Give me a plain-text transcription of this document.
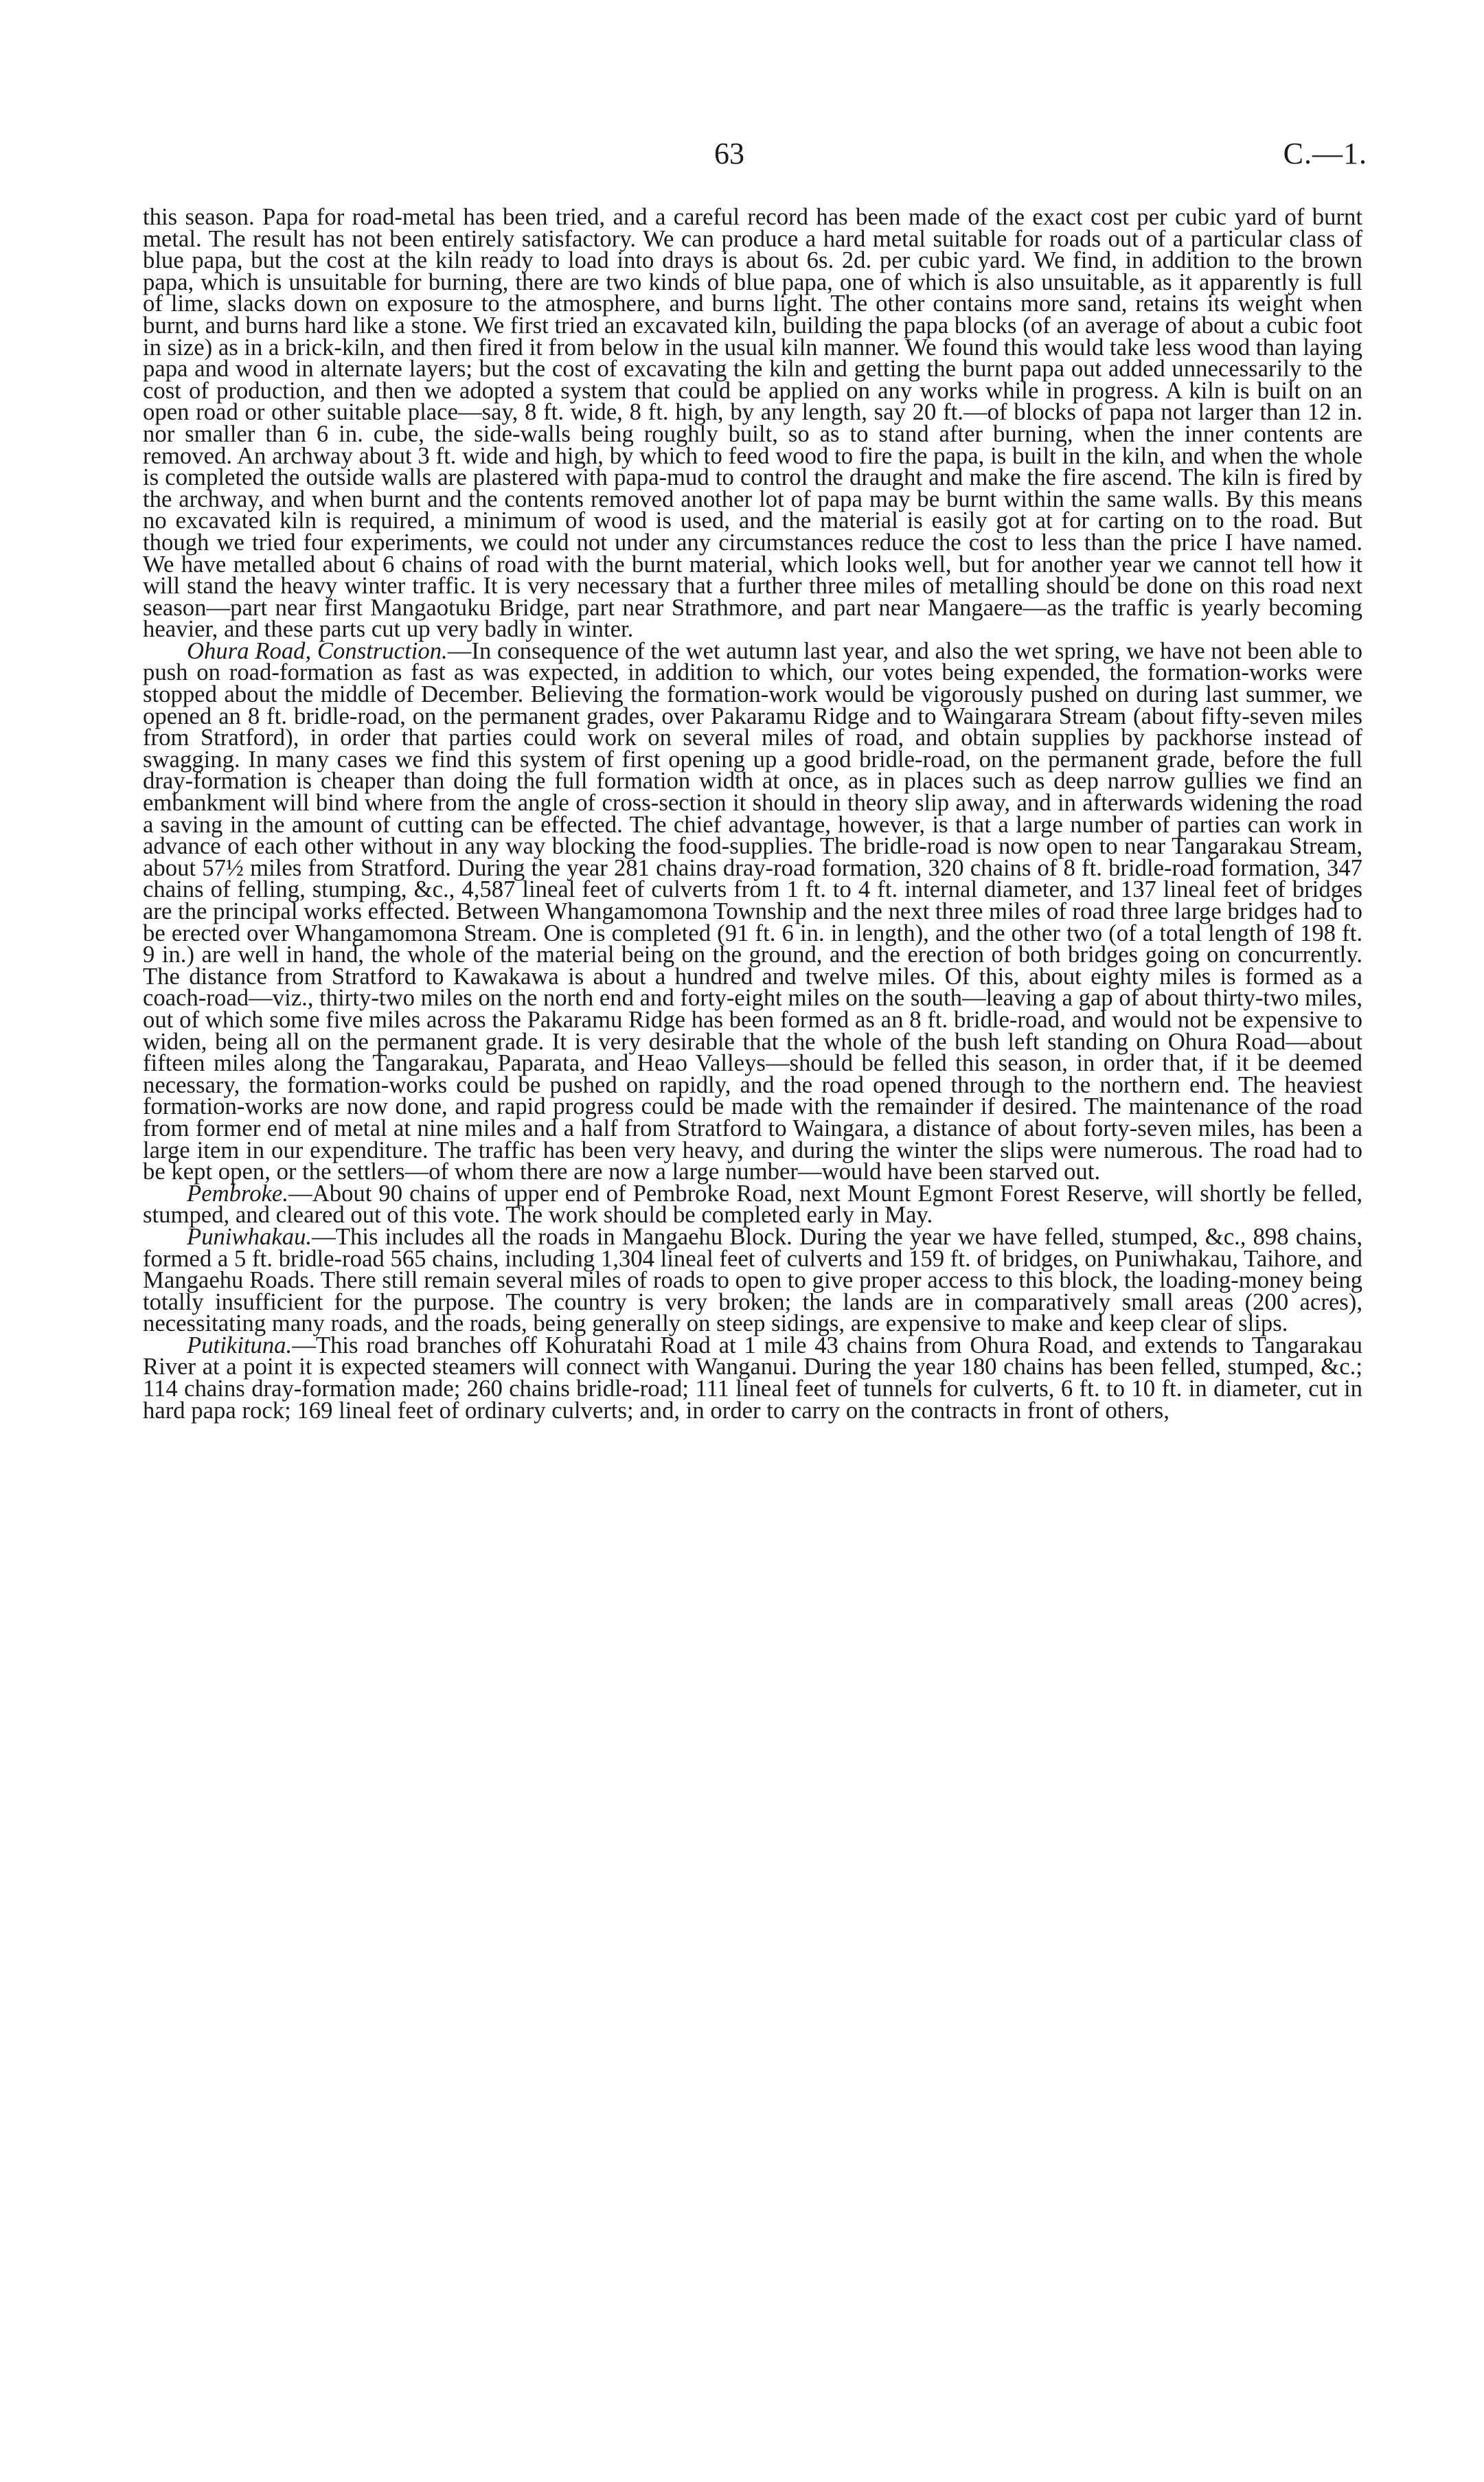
63	C.—1.

this season. Papa for road-metal has been tried, and a careful record has been made of the exact cost per cubic yard of burnt metal. The result has not been entirely satisfactory. We can produce a hard metal suitable for roads out of a particular class of blue papa, but the cost at the kiln ready to load into drays is about 6s. 2d. per cubic yard. We find, in addition to the brown papa, which is unsuitable for burning, there are two kinds of blue papa, one of which is also unsuitable, as it apparently is full of lime, slacks down on exposure to the atmosphere, and burns light. The other contains more sand, retains its weight when burnt, and burns hard like a stone. We first tried an excavated kiln, building the papa blocks (of an average of about a cubic foot in size) as in a brick-kiln, and then fired it from below in the usual kiln manner. We found this would take less wood than laying papa and wood in alternate layers; but the cost of excavating the kiln and getting the burnt papa out added unnecessarily to the cost of production, and then we adopted a system that could be applied on any works while in progress. A kiln is built on an open road or other suitable place—say, 8 ft. wide, 8 ft. high, by any length, say 20 ft.—of blocks of papa not larger than 12 in. nor smaller than 6 in. cube, the side-walls being roughly built, so as to stand after burning, when the inner contents are removed. An archway about 3 ft. wide and high, by which to feed wood to fire the papa, is built in the kiln, and when the whole is completed the outside walls are plastered with papa-mud to control the draught and make the fire ascend. The kiln is fired by the archway, and when burnt and the contents removed another lot of papa may be burnt within the same walls. By this means no excavated kiln is required, a minimum of wood is used, and the material is easily got at for carting on to the road. But though we tried four experiments, we could not under any circumstances reduce the cost to less than the price I have named. We have metalled about 6 chains of road with the burnt material, which looks well, but for another year we cannot tell how it will stand the heavy winter traffic. It is very necessary that a further three miles of metalling should be done on this road next season—part near first Mangaotuku Bridge, part near Strathmore, and part near Mangaere—as the traffic is yearly becoming heavier, and these parts cut up very badly in winter.

Ohura Road, Construction.—In consequence of the wet autumn last year, and also the wet spring, we have not been able to push on road-formation as fast as was expected, in addition to which, our votes being expended, the formation-works were stopped about the middle of December. Believing the formation-work would be vigorously pushed on during last summer, we opened an 8 ft. bridle-road, on the permanent grades, over Pakaramu Ridge and to Waingarara Stream (about fifty-seven miles from Stratford), in order that parties could work on several miles of road, and obtain supplies by packhorse instead of swagging. In many cases we find this system of first opening up a good bridle-road, on the permanent grade, before the full dray-formation is cheaper than doing the full formation width at once, as in places such as deep narrow gullies we find an embankment will bind where from the angle of cross-section it should in theory slip away, and in afterwards widening the road a saving in the amount of cutting can be effected. The chief advantage, however, is that a large number of parties can work in advance of each other without in any way blocking the food-supplies. The bridle-road is now open to near Tangarakau Stream, about 57½ miles from Stratford. During the year 281 chains dray-road formation, 320 chains of 8 ft. bridle-road formation, 347 chains of felling, stumping, &c., 4,587 lineal feet of culverts from 1 ft. to 4 ft. internal diameter, and 137 lineal feet of bridges are the principal works effected. Between Whangamomona Township and the next three miles of road three large bridges had to be erected over Whangamomona Stream. One is completed (91 ft. 6 in. in length), and the other two (of a total length of 198 ft. 9 in.) are well in hand, the whole of the material being on the ground, and the erection of both bridges going on concurrently. The distance from Stratford to Kawakawa is about a hundred and twelve miles. Of this, about eighty miles is formed as a coach-road—viz., thirty-two miles on the north end and forty-eight miles on the south—leaving a gap of about thirty-two miles, out of which some five miles across the Pakaramu Ridge has been formed as an 8 ft. bridle-road, and would not be expensive to widen, being all on the permanent grade. It is very desirable that the whole of the bush left standing on Ohura Road—about fifteen miles along the Tangarakau, Paparata, and Heao Valleys—should be felled this season, in order that, if it be deemed necessary, the formation-works could be pushed on rapidly, and the road opened through to the northern end. The heaviest formation-works are now done, and rapid progress could be made with the remainder if desired. The maintenance of the road from former end of metal at nine miles and a half from Stratford to Waingara, a distance of about forty-seven miles, has been a large item in our expenditure. The traffic has been very heavy, and during the winter the slips were numerous. The road had to be kept open, or the settlers—of whom there are now a large number—would have been starved out.

Pembroke.—About 90 chains of upper end of Pembroke Road, next Mount Egmont Forest Reserve, will shortly be felled, stumped, and cleared out of this vote. The work should be completed early in May.

Puniwhakau.—This includes all the roads in Mangaehu Block. During the year we have felled, stumped, &c., 898 chains, formed a 5 ft. bridle-road 565 chains, including 1,304 lineal feet of culverts and 159 ft. of bridges, on Puniwhakau, Taihore, and Mangaehu Roads. There still remain several miles of roads to open to give proper access to this block, the loading-money being totally insufficient for the purpose. The country is very broken; the lands are in comparatively small areas (200 acres), necessitating many roads, and the roads, being generally on steep sidings, are expensive to make and keep clear of slips.

Putikituna.—This road branches off Kohuratahi Road at 1 mile 43 chains from Ohura Road, and extends to Tangarakau River at a point it is expected steamers will connect with Wanganui. During the year 180 chains has been felled, stumped, &c.; 114 chains dray-formation made; 260 chains bridle-road; 111 lineal feet of tunnels for culverts, 6 ft. to 10 ft. in diameter, cut in hard papa rock; 169 lineal feet of ordinary culverts; and, in order to carry on the contracts in front of others,
